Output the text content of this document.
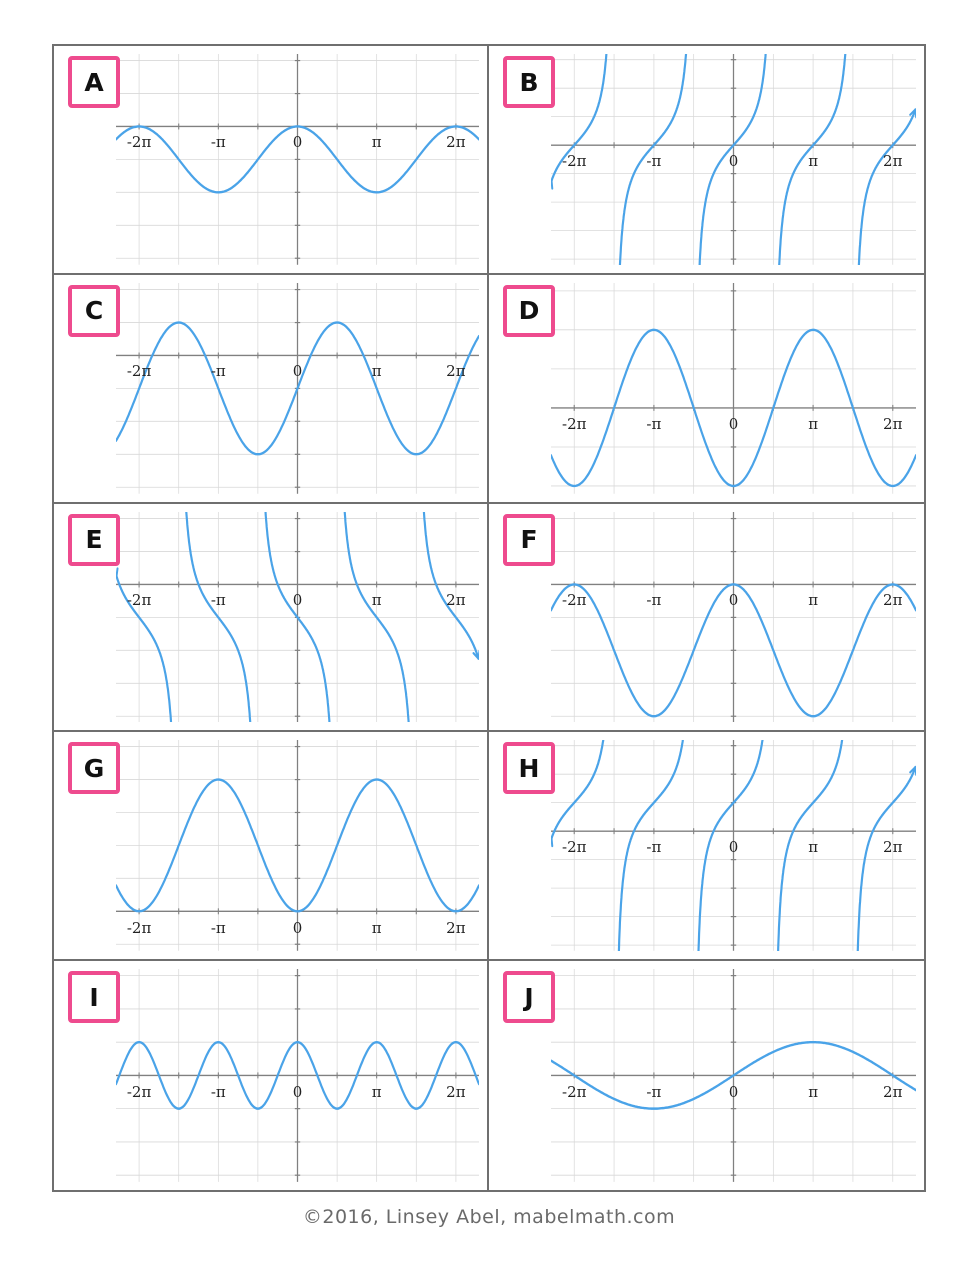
A
-2π	-π	0	π	2π
B
-2π	-π	0	π	2π
C
-2π	-π	0	π	2π
D
-2π	-π	0	π	2π
E
-2π	-π	0	π	2π
F
-2π	-π	0	π	2π
G
-2π	-π	0	π	2π
H
-2π	-π	0	π	2π
I
-2π	-π	0	π	2π
J
-2π	-π	0	π	2π
©2016, Linsey Abel, mabelmath.com
